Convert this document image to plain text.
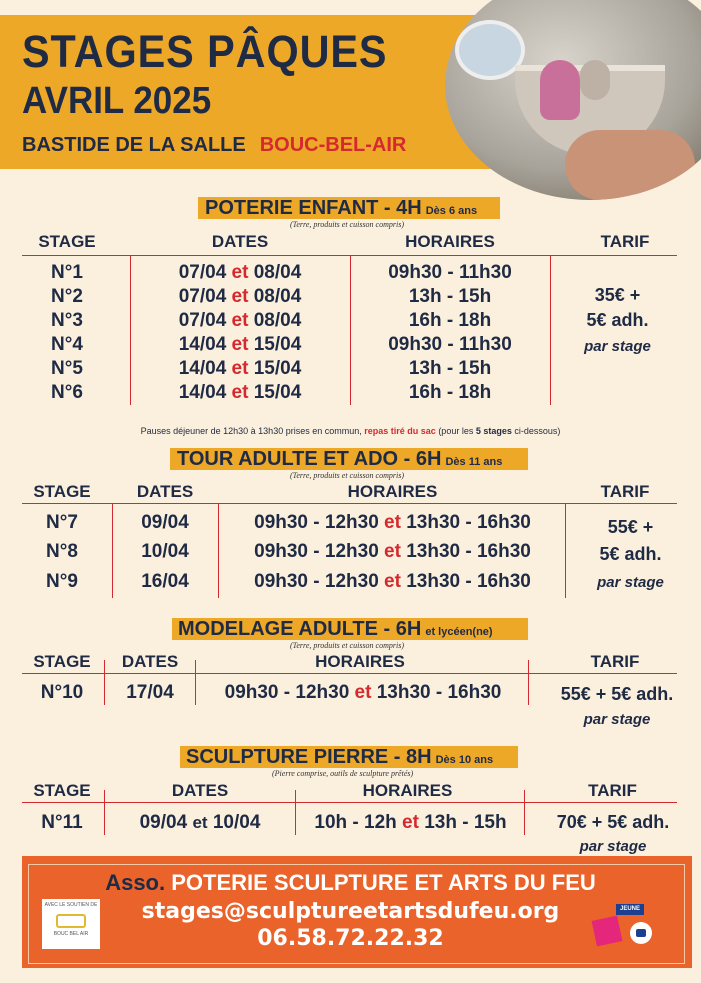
STAGES PÂQUES
AVRIL 2025
BASTIDE DE LA SALLE BOUC-BEL-AIR
POTERIE ENFANT - 4H Dès 6 ans
(Terre, produits et cuisson compris)
STAGE	DATES	HORAIRES	TARIF
N°1	07/04 et 08/04	09h30 - 11h30
N°2	07/04 et 08/04	13h - 15h
N°3	07/04 et 08/04	16h - 18h
N°4	14/04 et 15/04	09h30 - 11h30
N°5	14/04 et 15/04	13h - 15h
N°6	14/04 et 15/04	16h - 18h
35€ +
5€ adh.
par stage
Pauses déjeuner de 12h30 à 13h30 prises en commun, repas tiré du sac (pour les 5 stages ci-dessous)
TOUR ADULTE ET ADO - 6H Dès 11 ans
(Terre, produits et cuisson compris)
STAGE	DATES	HORAIRES	TARIF
N°7	09/04	09h30 - 12h30 et 13h30 - 16h30
N°8	10/04	09h30 - 12h30 et 13h30 - 16h30
N°9	16/04	09h30 - 12h30 et 13h30 - 16h30
55€ +
5€ adh.
par stage
MODELAGE ADULTE - 6H et lycéen(ne)
(Terre, produits et cuisson compris)
STAGE	DATES	HORAIRES	TARIF
N°10	17/04	09h30 - 12h30 et 13h30 - 16h30	55€ + 5€ adh.
par stage
SCULPTURE PIERRE - 8H Dès 10 ans
(Pierre comprise, outils de sculpture prêtés)
STAGE	DATES	HORAIRES	TARIF
N°11	09/04 et 10/04	10h - 12h et 13h - 15h	70€ + 5€ adh.
par stage
Asso. POTERIE SCULPTURE ET ARTS DU FEU
stages@sculptureetartsdufeu.org
06.58.72.22.32
AVEC LE SOUTIEN DE
BOUC BEL AIR
JEUNE
